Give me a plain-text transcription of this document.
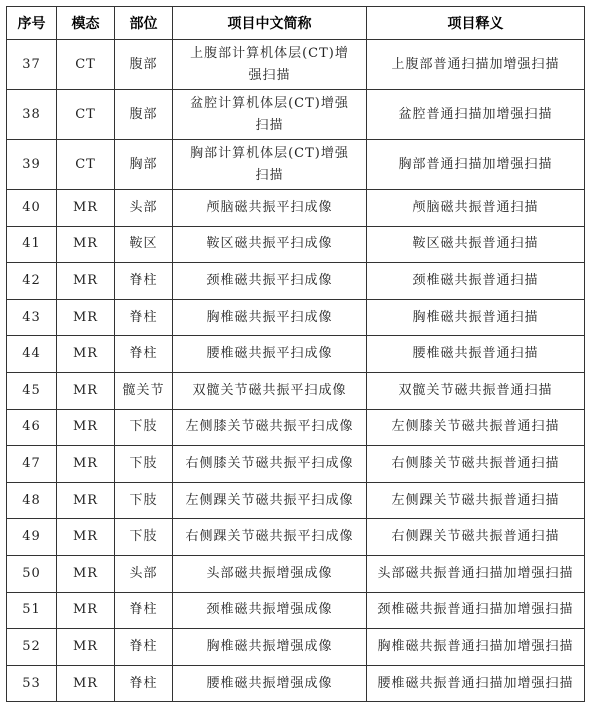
序号	模态	部位	项目中文简称	项目释义
37	CT	腹部	上腹部计算机体层(CT)增强扫描	上腹部普通扫描加增强扫描
38	CT	腹部	盆腔计算机体层(CT)增强扫描	盆腔普通扫描加增强扫描
39	CT	胸部	胸部计算机体层(CT)增强扫描	胸部普通扫描加增强扫描
40	MR	头部	颅脑磁共振平扫成像	颅脑磁共振普通扫描
41	MR	鞍区	鞍区磁共振平扫成像	鞍区磁共振普通扫描
42	MR	脊柱	颈椎磁共振平扫成像	颈椎磁共振普通扫描
43	MR	脊柱	胸椎磁共振平扫成像	胸椎磁共振普通扫描
44	MR	脊柱	腰椎磁共振平扫成像	腰椎磁共振普通扫描
45	MR	髋关节	双髋关节磁共振平扫成像	双髋关节磁共振普通扫描
46	MR	下肢	左侧膝关节磁共振平扫成像	左侧膝关节磁共振普通扫描
47	MR	下肢	右侧膝关节磁共振平扫成像	右侧膝关节磁共振普通扫描
48	MR	下肢	左侧踝关节磁共振平扫成像	左侧踝关节磁共振普通扫描
49	MR	下肢	右侧踝关节磁共振平扫成像	右侧踝关节磁共振普通扫描
50	MR	头部	头部磁共振增强成像	头部磁共振普通扫描加增强扫描
51	MR	脊柱	颈椎磁共振增强成像	颈椎磁共振普通扫描加增强扫描
52	MR	脊柱	胸椎磁共振增强成像	胸椎磁共振普通扫描加增强扫描
53	MR	脊柱	腰椎磁共振增强成像	腰椎磁共振普通扫描加增强扫描
